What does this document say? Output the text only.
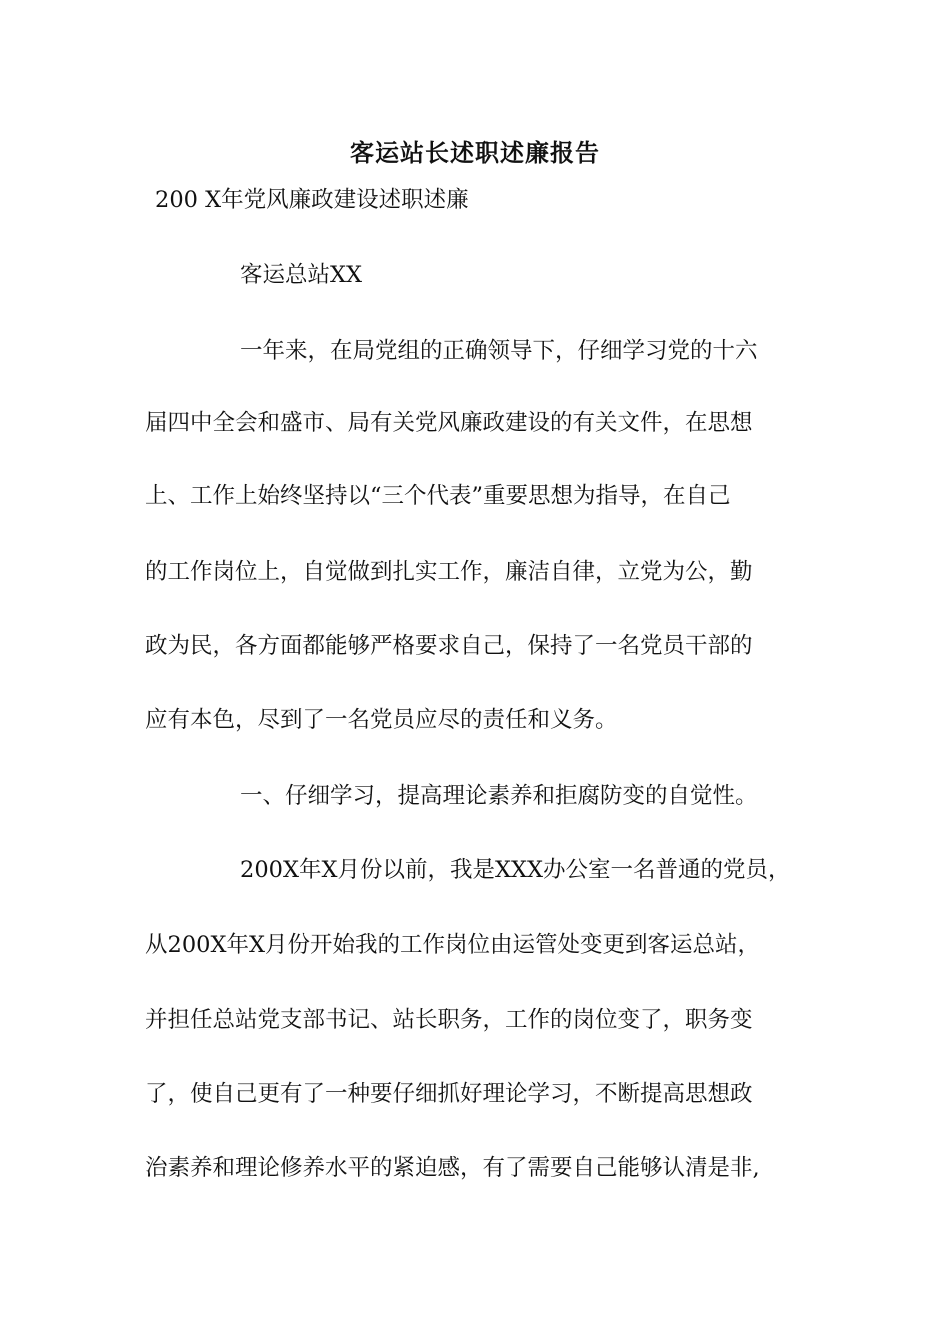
客运站长述职述廉报告
200 X年党风廉政建设述职述廉
客运总站XX
一年来，在局党组的正确领导下，仔细学习党的十六
届四中全会和盛市、局有关党风廉政建设的有关文件，在思想
上、工作上始终坚持以“三个代表”重要思想为指导，在自己
的工作岗位上，自觉做到扎实工作，廉洁自律，立党为公，勤
政为民，各方面都能够严格要求自己，保持了一名党员干部的
应有本色，尽到了一名党员应尽的责任和义务。
一、仔细学习，提高理论素养和拒腐防变的自觉性。
200X年X月份以前，我是XXX办公室一名普通的党员，
从200X年X月份开始我的工作岗位由运管处变更到客运总站，
并担任总站党支部书记、站长职务，工作的岗位变了，职务变
了，使自己更有了一种要仔细抓好理论学习，不断提高思想政
治素养和理论修养水平的紧迫感，有了需要自己能够认清是非,
